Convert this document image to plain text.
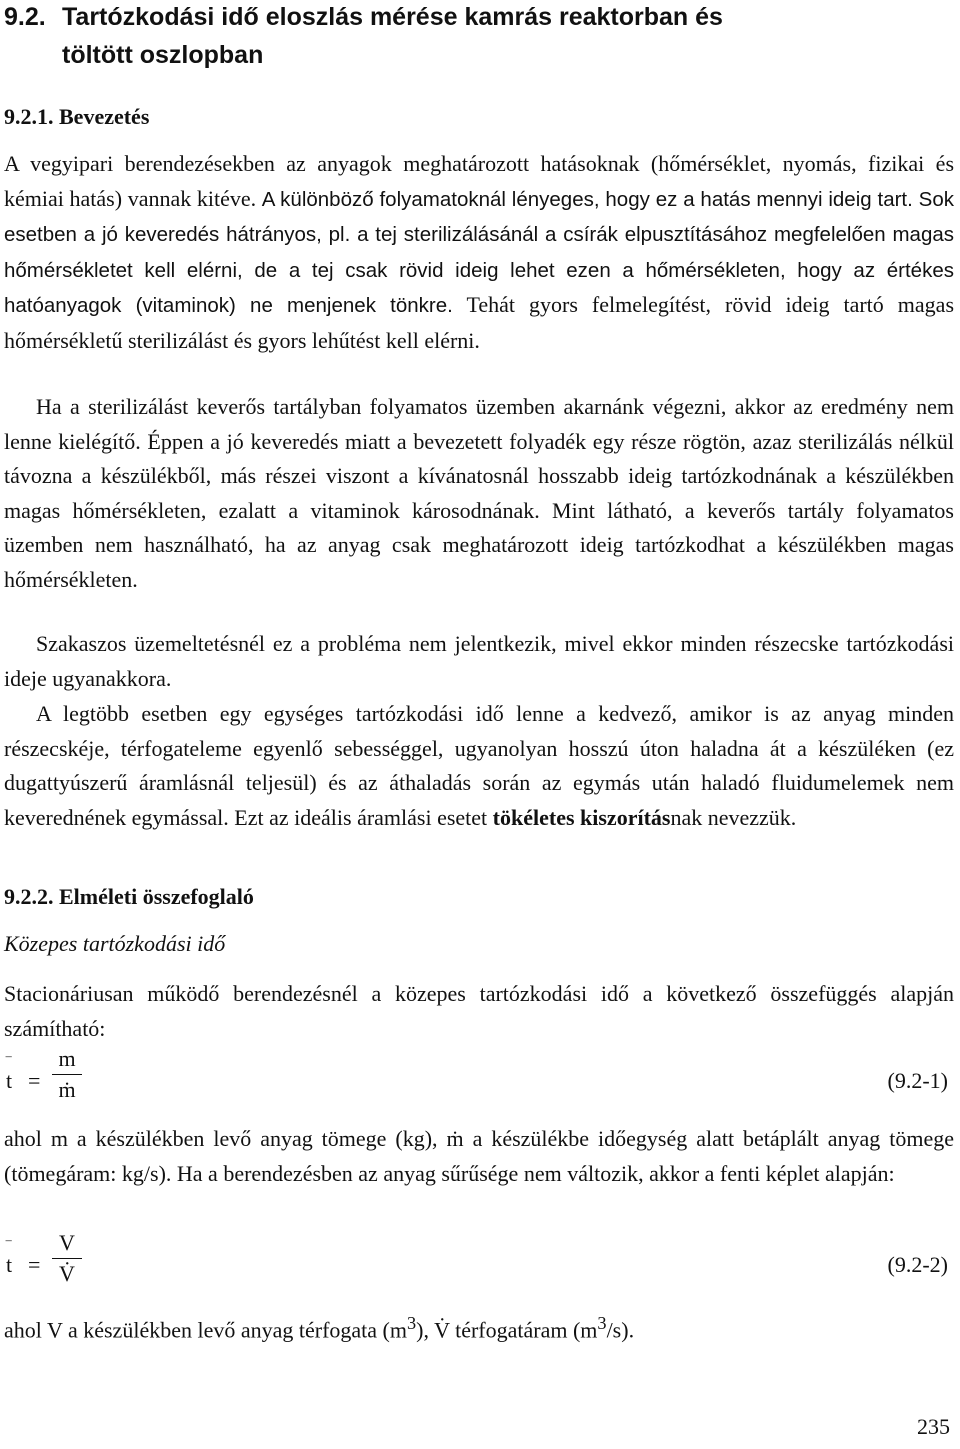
9.2. Tartózkodási idő eloszlás mérése kamrás reaktorban és
töltött oszlopban
9.2.1. Bevezetés
A vegyipari berendezésekben az anyagok meghatározott hatásoknak (hőmérséklet, nyomás, fizikai és kémiai hatás) vannak kitéve. A különböző folyamatoknál lényeges, hogy ez a hatás mennyi ideig tart. Sok esetben a jó keveredés hátrányos, pl. a tej sterilizálásánál a csírák elpusztításához megfelelően magas hőmérsékletet kell elérni, de a tej csak rövid ideig lehet ezen a hőmérsékleten, hogy az értékes hatóanyagok (vitaminok) ne menjenek tönkre. Tehát gyors felmelegítést, rövid ideig tartó magas hőmérsékletű sterilizálást és gyors lehűtést kell elérni.
Ha a sterilizálást keverős tartályban folyamatos üzemben akarnánk végezni, akkor az eredmény nem lenne kielégítő. Éppen a jó keveredés miatt a bevezetett folyadék egy része rögtön, azaz sterilizálás nélkül távozna a készülékből, más részei viszont a kívánatosnál hosszabb ideig tartózkodnának a készülékben magas hőmérsékleten, ezalatt a vitaminok károsodnának. Mint látható, a keverős tartály folyamatos üzemben nem használható, ha az anyag csak meghatározott ideig tartózkodhat a készülékben magas hőmérsékleten.
Szakaszos üzemeltetésnél ez a probléma nem jelentkezik, mivel ekkor minden részecske tartózkodási ideje ugyanakkora.
A legtöbb esetben egy egységes tartózkodási idő lenne a kedvező, amikor is az anyag minden részecskéje, térfogateleme egyenlő sebességgel, ugyanolyan hosszú úton haladna át a készüléken (ez dugattyúszerű áramlásnál teljesül) és az áthaladás során az egymás után haladó fluidumelemek nem keverednének egymással. Ezt az ideális áramlási esetet tökéletes kiszorításnak nevezzük.
9.2.2. Elméleti összefoglaló
Közepes tartózkodási idő
Stacionáriusan működő berendezésnél a közepes tartózkodási idő a következő összefüggés alapján számítható:
‾
t =
m
ṁ	(9.2-1)
ahol m a készülékben levő anyag tömege (kg), ṁ a készülékbe időegység alatt betáplált anyag tömege (tömegáram: kg/s). Ha a berendezésben az anyag sűrűsége nem változik, akkor a fenti képlet alapján:
‾
t =
V
V̇	(9.2-2)
ahol V a készülékben levő anyag térfogata $(m^3)$, V̇ térfogatáram $(m^3/s)$.
235
